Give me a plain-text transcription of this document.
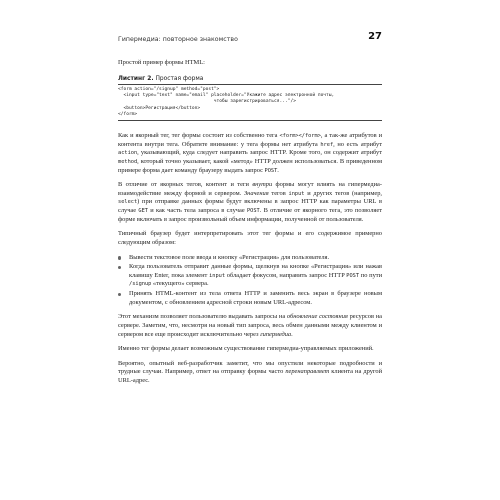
Гипермедиа: повторное знакомство	27

Простой пример формы HTML:

Листинг 2. Простая форма
<form action="/signup" method="post">
<input type="text" name="email" placeholder="Укажите адрес электронной почты,
чтобы зарегистрироваться..."/>
<button>Регистрация</button>
</form>

Как и якорный тег, тег формы состоит из собственно тега <form></form>, а так-же атрибутов и контента внутри тега. Обратите внимание: у тега формы нет атрибута href, но есть атрибут action, указывающий, куда следует направить запрос HTTP. Кроме того, он содержит атрибут method, который точно указывает, какой «метод» HTTP должен использоваться. В приведенном примере форма дает команду браузеру выдать запрос POST.

В отличие от якорных тегов, контент и теги внутри формы могут влиять на гипермедиа-взаимодействие между формой и сервером. Значения тегов input и других тегов (например, select) при отправке данных формы будут включены в запрос HTTP как параметры URL в случае GET и как часть тела запроса в случае POST. В отличие от якорного тега, это позволяет форме включать в запрос произвольный объем информации, полученной от пользователя.

Типичный браузер будет интерпретировать этот тег формы и его содержимое примерно следующим образом:

Вывести текстовое поле ввода и кнопку «Регистрация» для пользователя.
Когда пользователь отправит данные формы, щелкнув на кнопке «Регистрация» или нажав клавишу Enter, пока элемент input обладает фокусом, направить запрос HTTP POST по пути /signup «текущего» сервера.
Принять HTML-контент из тела ответа HTTP и заменить весь экран в браузере новым документом, с обновлением адресной строки новым URL-адресом.

Этот механизм позволяет пользователю выдавать запросы на обновление состояния ресурсов на сервере. Заметим, что, несмотря на новый тип запроса, весь обмен данными между клиентом и сервером все еще происходит исключительно через гипермедиа.

Именно тег формы делает возможным существование гипермедиа-управляемых приложений.

Вероятно, опытный веб-разработчик заметит, что мы опустили некоторые подробности и трудные случаи. Например, ответ на отправку формы часто перенаправляет клиента на другой URL-адрес.
